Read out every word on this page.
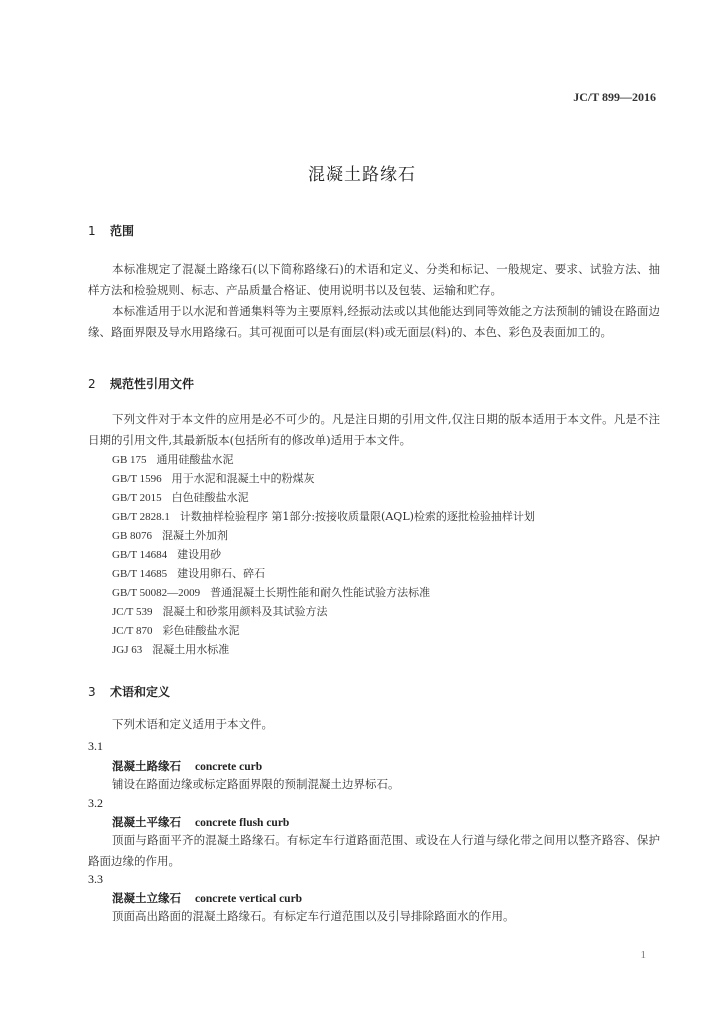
JC/T 899—2016
混凝土路缘石
1 范围
本标准规定了混凝土路缘石(以下简称路缘石)的术语和定义、分类和标记、一般规定、要求、试验方法、抽样方法和检验规则、标志、产品质量合格证、使用说明书以及包装、运输和贮存。
本标准适用于以水泥和普通集料等为主要原料,经振动法或以其他能达到同等效能之方法预制的铺设在路面边缘、路面界限及导水用路缘石。其可视面可以是有面层(料)或无面层(料)的、本色、彩色及表面加工的。
2 规范性引用文件
下列文件对于本文件的应用是必不可少的。凡是注日期的引用文件,仅注日期的版本适用于本文件。凡是不注日期的引用文件,其最新版本(包括所有的修改单)适用于本文件。
GB 175 通用硅酸盐水泥
GB/T 1596 用于水泥和混凝土中的粉煤灰
GB/T 2015 白色硅酸盐水泥
GB/T 2828.1 计数抽样检验程序 第1部分:按接收质量限(AQL)检索的逐批检验抽样计划
GB 8076 混凝土外加剂
GB/T 14684 建设用砂
GB/T 14685 建设用卵石、碎石
GB/T 50082—2009 普通混凝土长期性能和耐久性能试验方法标准
JC/T 539 混凝土和砂浆用颜料及其试验方法
JC/T 870 彩色硅酸盐水泥
JGJ 63 混凝土用水标准
3 术语和定义
下列术语和定义适用于本文件。
3.1
混凝土路缘石 concrete curb
铺设在路面边缘或标定路面界限的预制混凝土边界标石。
3.2
混凝土平缘石 concrete flush curb
顶面与路面平齐的混凝土路缘石。有标定车行道路面范围、或设在人行道与绿化带之间用以整齐路容、保护路面边缘的作用。
3.3
混凝土立缘石 concrete vertical curb
顶面高出路面的混凝土路缘石。有标定车行道范围以及引导排除路面水的作用。
1
